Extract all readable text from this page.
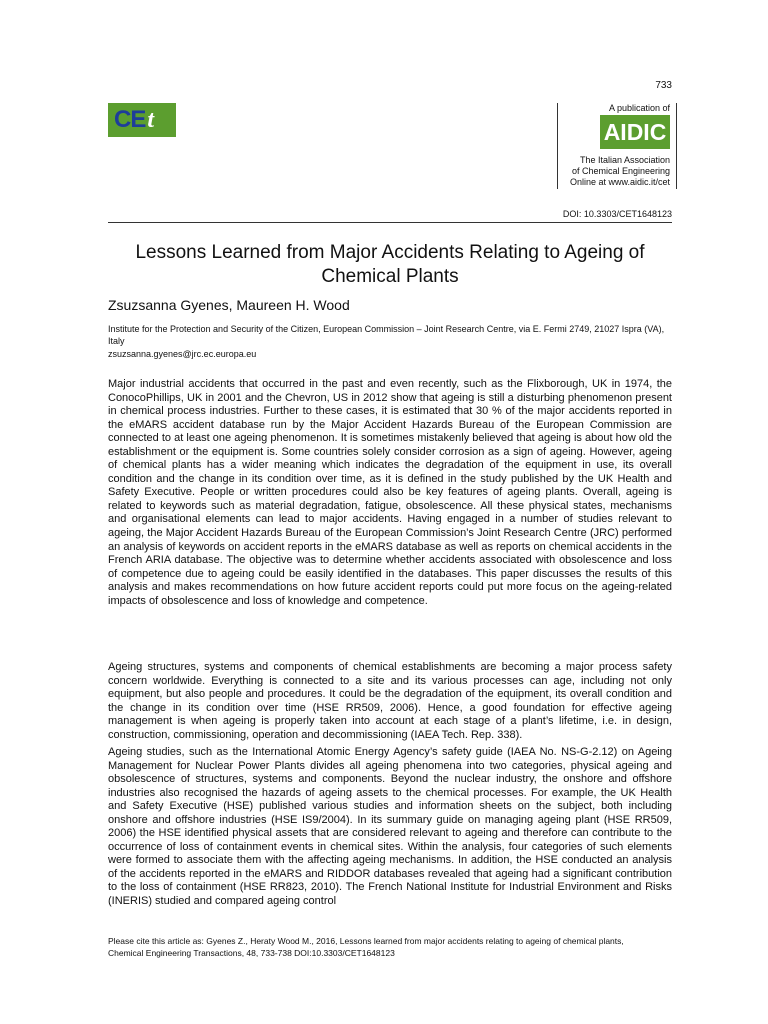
733
CE t	A publication of
AIDIC
The Italian Association
of Chemical Engineering
Online at www.aidic.it/cet
DOI: 10.3303/CET1648123
Lessons Learned from Major Accidents Relating to Ageing of Chemical Plants
Zsuzsanna Gyenes, Maureen H. Wood
Institute for the Protection and Security of the Citizen, European Commission – Joint Research Centre, via E. Fermi 2749, 21027 Ispra (VA), Italy
zsuzsanna.gyenes@jrc.ec.europa.eu
Major industrial accidents that occurred in the past and even recently, such as the Flixborough, UK in 1974, the ConocoPhillips, UK in 2001 and the Chevron, US in 2012 show that ageing is still a disturbing phenomenon present in chemical process industries. Further to these cases, it is estimated that 30 % of the major accidents reported in the eMARS accident database run by the Major Accident Hazards Bureau of the European Commission are connected to at least one ageing phenomenon. It is sometimes mistakenly believed that ageing is about how old the establishment or the equipment is. Some countries solely consider corrosion as a sign of ageing. However, ageing of chemical plants has a wider meaning which indicates the degradation of the equipment in use, its overall condition and the change in its condition over time, as it is defined in the study published by the UK Health and Safety Executive. People or written procedures could also be key features of ageing plants. Overall, ageing is related to keywords such as material degradation, fatigue, obsolescence. All these physical states, mechanisms and organisational elements can lead to major accidents. Having engaged in a number of studies relevant to ageing, the Major Accident Hazards Bureau of the European Commission’s Joint Research Centre (JRC) performed an analysis of keywords on accident reports in the eMARS database as well as reports on chemical accidents in the French ARIA database. The objective was to determine whether accidents associated with obsolescence and loss of competence due to ageing could be easily identified in the databases. This paper discusses the results of this analysis and makes recommendations on how future accident reports could put more focus on the ageing-related impacts of obsolescence and loss of knowledge and competence.
Ageing structures, systems and components of chemical establishments are becoming a major process safety concern worldwide. Everything is connected to a site and its various processes can age, including not only equipment, but also people and procedures. It could be the degradation of the equipment, its overall condition and the change in its condition over time (HSE RR509, 2006). Hence, a good foundation for effective ageing management is when ageing is properly taken into account at each stage of a plant’s lifetime, i.e. in design, construction, commissioning, operation and decommissioning (IAEA Tech. Rep. 338).
Ageing studies, such as the International Atomic Energy Agency’s safety guide (IAEA No. NS-G-2.12) on Ageing Management for Nuclear Power Plants divides all ageing phenomena into two categories, physical ageing and obsolescence of structures, systems and components. Beyond the nuclear industry, the onshore and offshore industries also recognised the hazards of ageing assets to the chemical processes. For example, the UK Health and Safety Executive (HSE) published various studies and information sheets on the subject, both including onshore and offshore industries (HSE IS9/2004). In its summary guide on managing ageing plant (HSE RR509, 2006) the HSE identified physical assets that are considered relevant to ageing and therefore can contribute to the occurrence of loss of containment events in chemical sites. Within the analysis, four categories of such elements were formed to associate them with the affecting ageing mechanisms. In addition, the HSE conducted an analysis of the accidents reported in the eMARS and RIDDOR databases revealed that ageing had a significant contribution to the loss of containment (HSE RR823, 2010). The French National Institute for Industrial Environment and Risks (INERIS) studied and compared ageing control
Please cite this article as: Gyenes Z., Heraty Wood M., 2016, Lessons learned from major accidents relating to ageing of chemical plants,
Chemical Engineering Transactions, 48, 733-738 DOI:10.3303/CET1648123
